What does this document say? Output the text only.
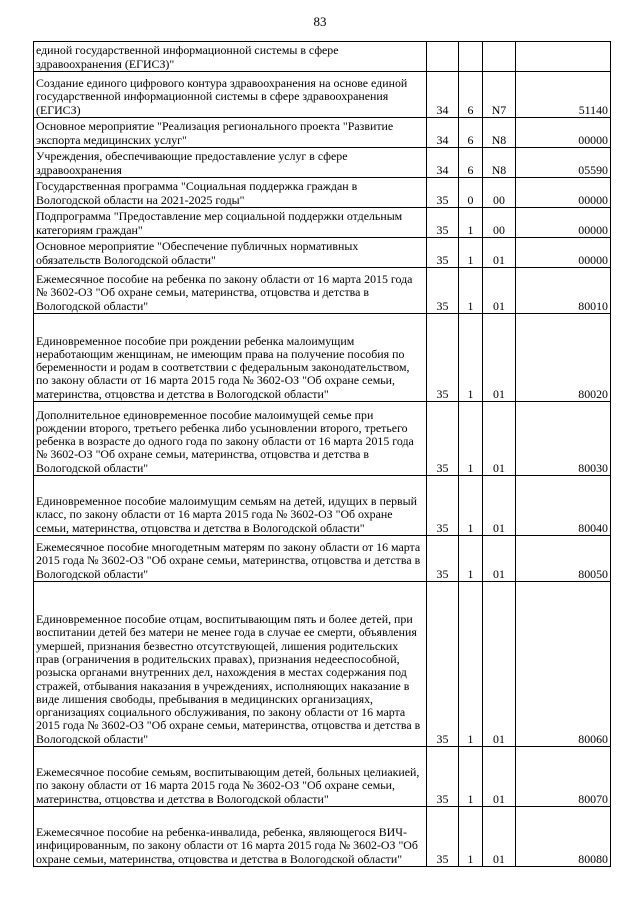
83
единой государственной информационной системы в сфере здравоохранения (ЕГИСЗ)"				
Создание единого цифрового контура здравоохранения на основе единой государственной информационной системы в сфере здравоохранения (ЕГИСЗ)	34	6	N7	51140
Основное мероприятие "Реализация регионального проекта "Развитие экспорта медицинских услуг"	34	6	N8	00000
Учреждения, обеспечивающие предоставление услуг в сфере здравоохранения	34	6	N8	05590
Государственная программа "Социальная поддержка граждан в Вологодской области на 2021-2025 годы"	35	0	00	00000
Подпрограмма "Предоставление мер социальной поддержки отдельным категориям граждан"	35	1	00	00000
Основное мероприятие "Обеспечение публичных нормативных обязательств Вологодской области"	35	1	01	00000
Ежемесячное пособие на ребенка по закону области от 16 марта 2015 года № 3602-ОЗ "Об охране семьи, материнства, отцовства и детства в Вологодской области"	35	1	01	80010
Единовременное пособие при рождении ребенка малоимущим неработающим женщинам, не имеющим права на получение пособия по беременности и родам в соответствии с федеральным законодательством, по закону области от 16 марта 2015 года № 3602-ОЗ "Об охране семьи, материнства, отцовства и детства в Вологодской области"	35	1	01	80020
Дополнительное единовременное пособие малоимущей семье при рождении второго, третьего ребенка либо усыновлении второго, третьего ребенка в возрасте до одного года по закону области от 16 марта 2015 года № 3602-ОЗ "Об охране семьи, материнства, отцовства и детства в Вологодской области"	35	1	01	80030
Единовременное пособие малоимущим семьям на детей, идущих в первый класс, по закону области от 16 марта 2015 года № 3602-ОЗ "Об охране семьи, материнства, отцовства и детства в Вологодской области"	35	1	01	80040
Ежемесячное пособие многодетным матерям по закону области от 16 марта 2015 года № 3602-ОЗ "Об охране семьи, материнства, отцовства и детства в Вологодской области"	35	1	01	80050
Единовременное пособие отцам, воспитывающим пять и более детей, при воспитании детей без матери не менее года в случае ее смерти, объявления умершей, признания безвестно отсутствующей, лишения родительских прав (ограничения в родительских правах), признания недееспособной, розыска органами внутренних дел, нахождения в местах содержания под стражей, отбывания наказания в учреждениях, исполняющих наказание в виде лишения свободы, пребывания в медицинских организациях, организациях социального обслуживания, по закону области от 16 марта 2015 года № 3602-ОЗ "Об охране семьи, материнства, отцовства и детства в Вологодской области"	35	1	01	80060
Ежемесячное пособие семьям, воспитывающим детей, больных целиакией, по закону области от 16 марта 2015 года № 3602-ОЗ "Об охране семьи, материнства, отцовства и детства в Вологодской области"	35	1	01	80070
Ежемесячное пособие на ребенка-инвалида, ребенка, являющегося ВИЧ-инфицированным, по закону области от 16 марта 2015 года № 3602-ОЗ "Об охране семьи, материнства, отцовства и детства в Вологодской области"	35	1	01	80080
